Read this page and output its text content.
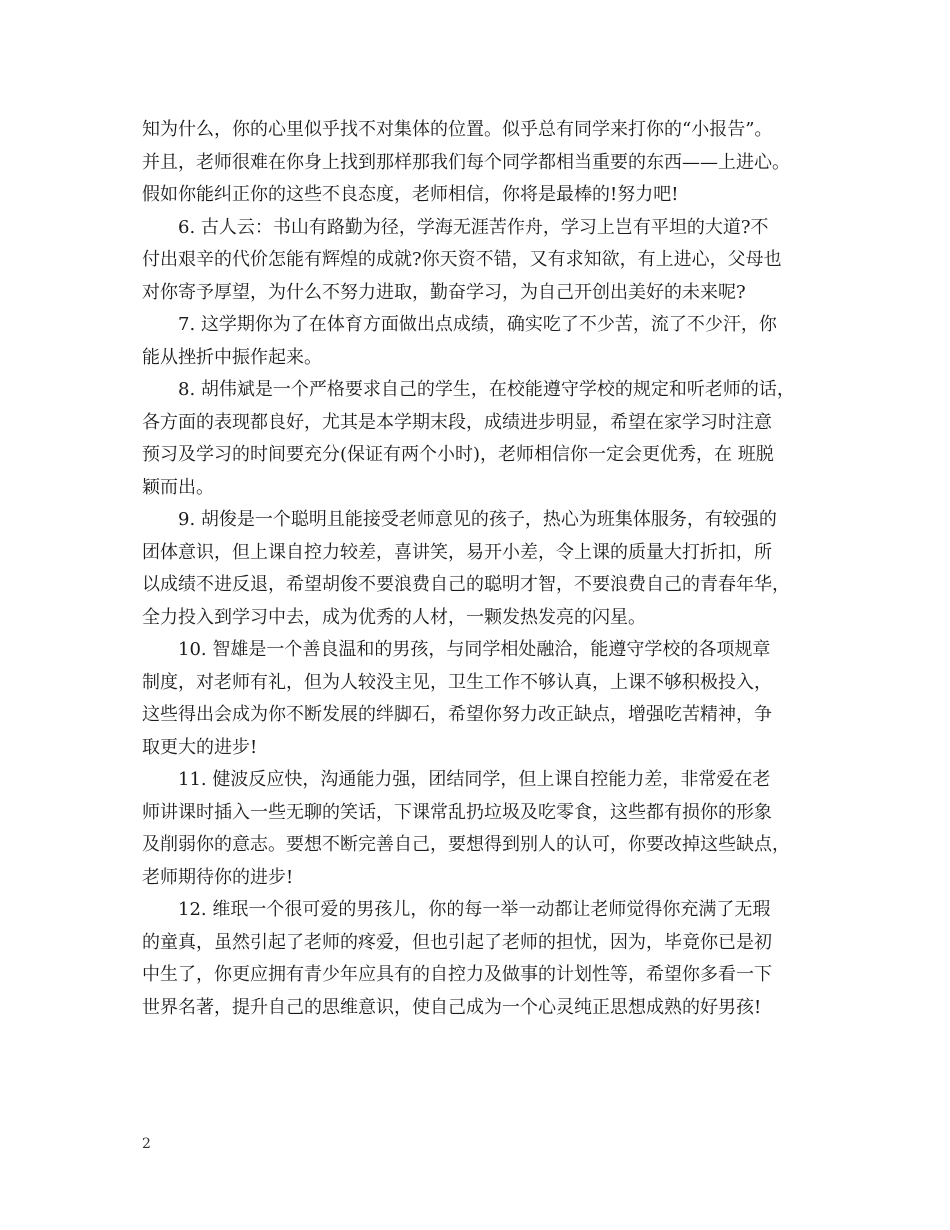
知为什么，你的心里似乎找不对集体的位置。似乎总有同学来打你的“小报告”。
并且，老师很难在你身上找到那样那我们每个同学都相当重要的东西——上进心。
假如你能纠正你的这些不良态度，老师相信，你将是最棒的!努力吧!
6. 古人云：书山有路勤为径，学海无涯苦作舟，学习上岂有平坦的大道?不
付出艰辛的代价怎能有辉煌的成就?你天资不错，又有求知欲，有上进心，父母也
对你寄予厚望，为什么不努力进取，勤奋学习，为自己开创出美好的未来呢?
7. 这学期你为了在体育方面做出点成绩，确实吃了不少苦，流了不少汗，你
能从挫折中振作起来。
8. 胡伟斌是一个严格要求自己的学生，在校能遵守学校的规定和听老师的话，
各方面的表现都良好，尤其是本学期末段，成绩进步明显，希望在家学习时注意
预习及学习的时间要充分(保证有两个小时)，老师相信你一定会更优秀，在 班脱
颖而出。
9. 胡俊是一个聪明且能接受老师意见的孩子，热心为班集体服务，有较强的
团体意识，但上课自控力较差，喜讲笑，易开小差，令上课的质量大打折扣，所
以成绩不进反退，希望胡俊不要浪费自己的聪明才智，不要浪费自己的青春年华，
全力投入到学习中去，成为优秀的人材，一颗发热发亮的闪星。
10. 智雄是一个善良温和的男孩，与同学相处融洽，能遵守学校的各项规章
制度，对老师有礼，但为人较没主见，卫生工作不够认真，上课不够积极投入，
这些得出会成为你不断发展的绊脚石，希望你努力改正缺点，增强吃苦精神，争
取更大的进步!
11. 健波反应快，沟通能力强，团结同学，但上课自控能力差，非常爱在老
师讲课时插入一些无聊的笑话，下课常乱扔垃圾及吃零食，这些都有损你的形象
及削弱你的意志。要想不断完善自己，要想得到别人的认可，你要改掉这些缺点，
老师期待你的进步!
12. 维珉一个很可爱的男孩儿，你的每一举一动都让老师觉得你充满了无瑕
的童真，虽然引起了老师的疼爱，但也引起了老师的担忧，因为，毕竟你已是初
中生了，你更应拥有青少年应具有的自控力及做事的计划性等，希望你多看一下
世界名著，提升自己的思维意识，使自己成为一个心灵纯正思想成熟的好男孩!
2
